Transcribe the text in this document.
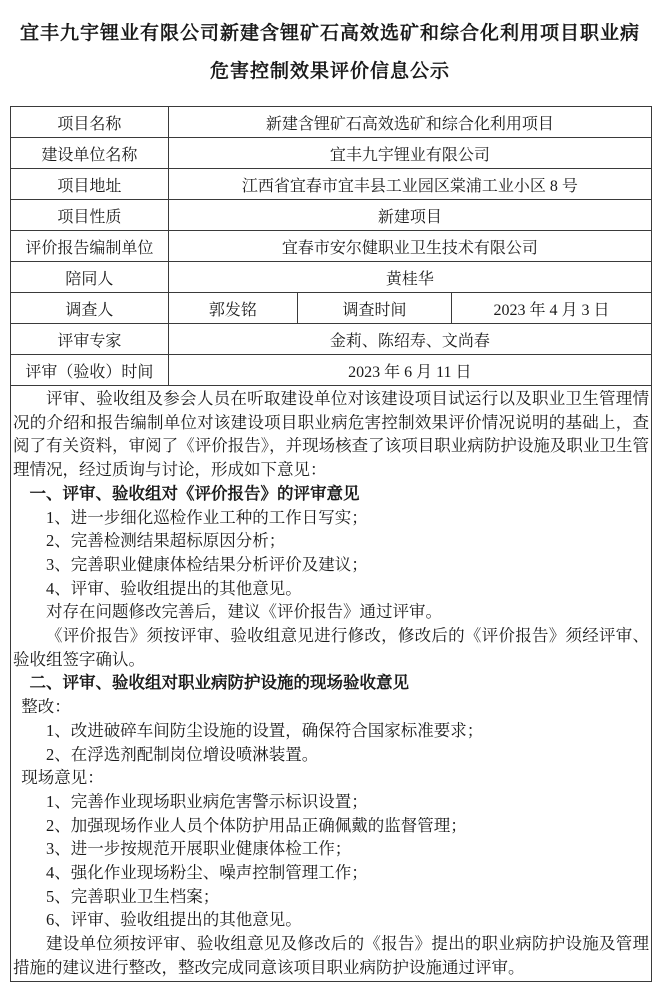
宜丰九宇锂业有限公司新建含锂矿石高效选矿和综合化利用项目职业病
危害控制效果评价信息公示
项目名称	新建含锂矿石高效选矿和综合化利用项目		
建设单位名称	宜丰九宇锂业有限公司		
项目地址	江西省宜春市宜丰县工业园区棠浦工业小区 8 号		
项目性质	新建项目		
评价报告编制单位	宜春市安尔健职业卫生技术有限公司		
陪同人	黄桂华		
调查人	郭发铭	调查时间	2023 年 4 月 3 日
评审专家	金莉、陈绍寿、文尚春		
评审（验收）时间	2023 年 6 月 11 日		

评审、验收组及参会人员在听取建设单位对该建设项目试运行以及职业卫生管理情况的介绍和报告编制单位对该建设项目职业病危害控制效果评价情况说明的基础上，查阅了有关资料，审阅了《评价报告》，并现场核查了该项目职业病防护设施及职业卫生管理情况，经过质询与讨论，形成如下意见：

一、评审、验收组对《评价报告》的评审意见

1、进一步细化巡检作业工种的工作日写实；

2、完善检测结果超标原因分析；

3、完善职业健康体检结果分析评价及建议；

4、评审、验收组提出的其他意见。

对存在问题修改完善后，建议《评价报告》通过评审。

《评价报告》须按评审、验收组意见进行修改，修改后的《评价报告》须经评审、验收组签字确认。

二、评审、验收组对职业病防护设施的现场验收意见

整改：

1、改进破碎车间防尘设施的设置，确保符合国家标准要求；

2、在浮选剂配制岗位增设喷淋装置。

现场意见：

1、完善作业现场职业病危害警示标识设置；

2、加强现场作业人员个体防护用品正确佩戴的监督管理；

3、进一步按规范开展职业健康体检工作；

4、强化作业现场粉尘、噪声控制管理工作；

5、完善职业卫生档案；

6、评审、验收组提出的其他意见。

建设单位须按评审、验收组意见及修改后的《报告》提出的职业病防护设施及管理措施的建议进行整改，整改完成同意该项目职业病防护设施通过评审。
